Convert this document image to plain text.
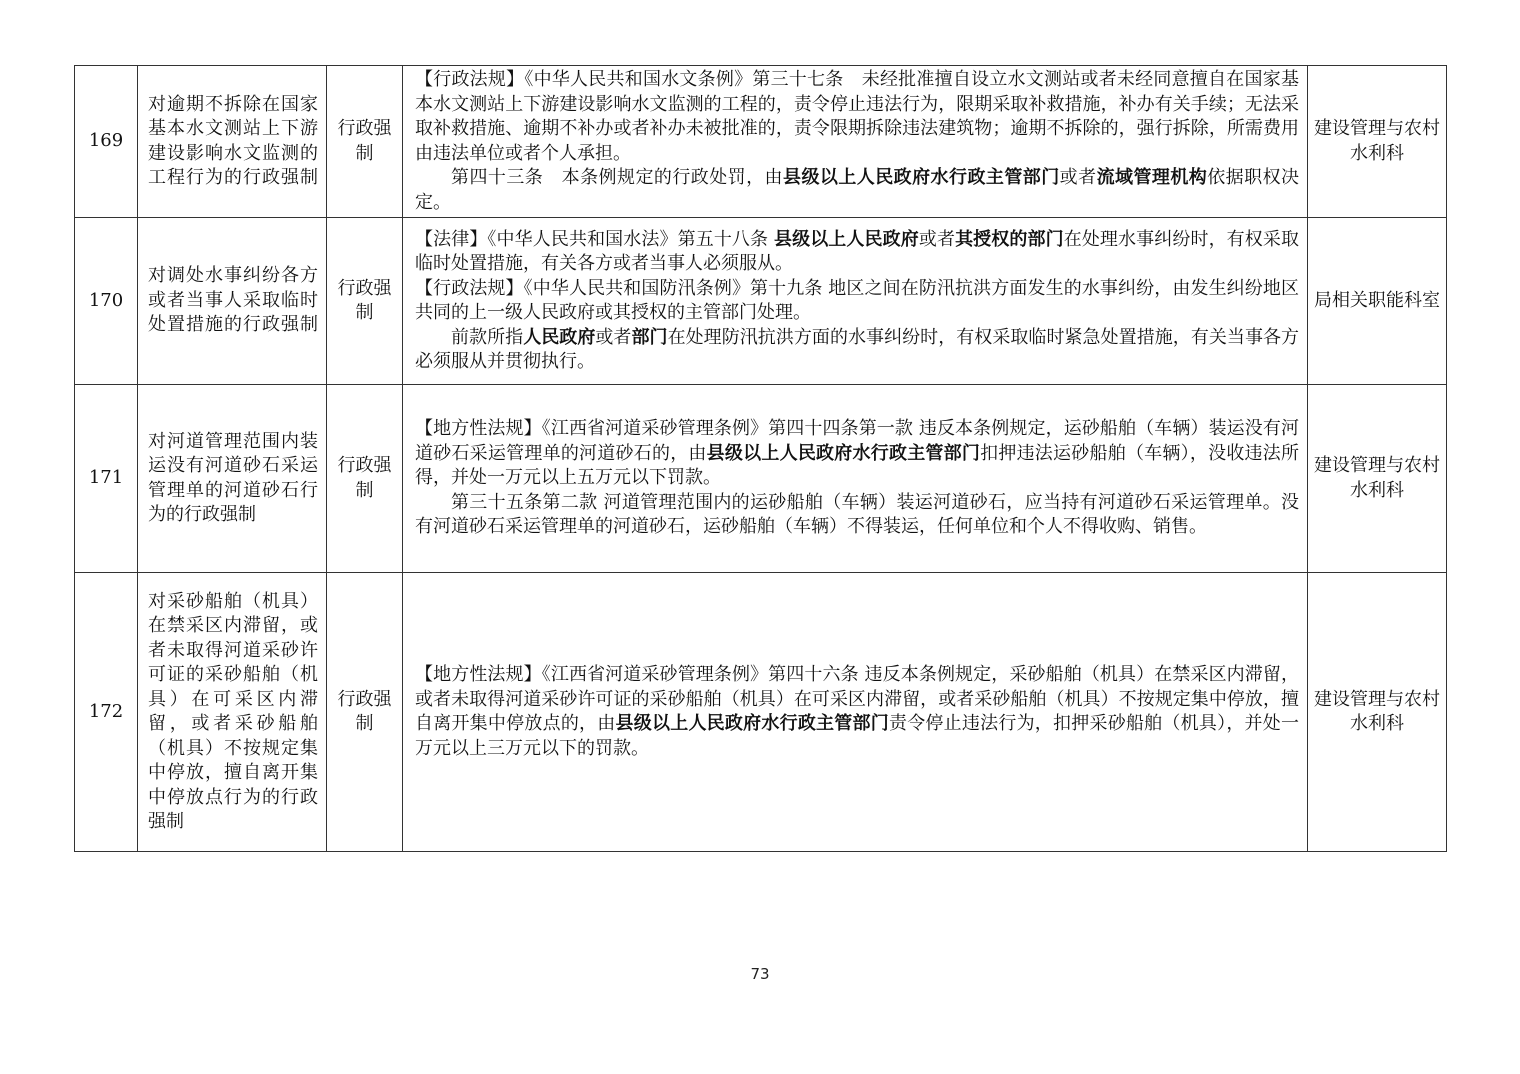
169	对逾期不拆除在国家基本水文测站上下游建设影响水文监测的工程行为的行政强制	行政强制	【行政法规】《中华人民共和国水文条例》第三十七条　未经批准擅自设立水文测站或者未经同意擅自在国家基本水文测站上下游建设影响水文监测的工程的，责令停止违法行为，限期采取补救措施，补办有关手续；无法采取补救措施、逾期不补办或者补办未被批准的，责令限期拆除违法建筑物；逾期不拆除的，强行拆除，所需费用由违法单位或者个人承担。

第四十三条　本条例规定的行政处罚，由县级以上人民政府水行政主管部门或者流域管理机构依据职权决定。	建设管理与农村水利科
170	对调处水事纠纷各方或者当事人采取临时处置措施的行政强制	行政强制	【法律】《中华人民共和国水法》第五十八条 县级以上人民政府或者其授权的部门在处理水事纠纷时，有权采取临时处置措施，有关各方或者当事人必须服从。

【行政法规】《中华人民共和国防汛条例》第十九条 地区之间在防汛抗洪方面发生的水事纠纷，由发生纠纷地区共同的上一级人民政府或其授权的主管部门处理。

前款所指人民政府或者部门在处理防汛抗洪方面的水事纠纷时，有权采取临时紧急处置措施，有关当事各方必须服从并贯彻执行。	局相关职能科室
171	对河道管理范围内装运没有河道砂石采运管理单的河道砂石行为的行政强制	行政强制	【地方性法规】《江西省河道采砂管理条例》第四十四条第一款 违反本条例规定，运砂船舶（车辆）装运没有河道砂石采运管理单的河道砂石的，由县级以上人民政府水行政主管部门扣押违法运砂船舶（车辆），没收违法所得，并处一万元以上五万元以下罚款。

第三十五条第二款 河道管理范围内的运砂船舶（车辆）装运河道砂石，应当持有河道砂石采运管理单。没有河道砂石采运管理单的河道砂石，运砂船舶（车辆）不得装运，任何单位和个人不得收购、销售。	建设管理与农村水利科
172	对采砂船舶（机具）在禁采区内滞留，或者未取得河道采砂许可证的采砂船舶（机具）在可采区内滞留，或者采砂船舶（机具）不按规定集中停放，擅自离开集中停放点行为的行政强制	行政强制	【地方性法规】《江西省河道采砂管理条例》第四十六条 违反本条例规定，采砂船舶（机具）在禁采区内滞留，或者未取得河道采砂许可证的采砂船舶（机具）在可采区内滞留，或者采砂船舶（机具）不按规定集中停放，擅自离开集中停放点的，由县级以上人民政府水行政主管部门责令停止违法行为，扣押采砂船舶（机具），并处一万元以上三万元以下的罚款。	建设管理与农村水利科
73
